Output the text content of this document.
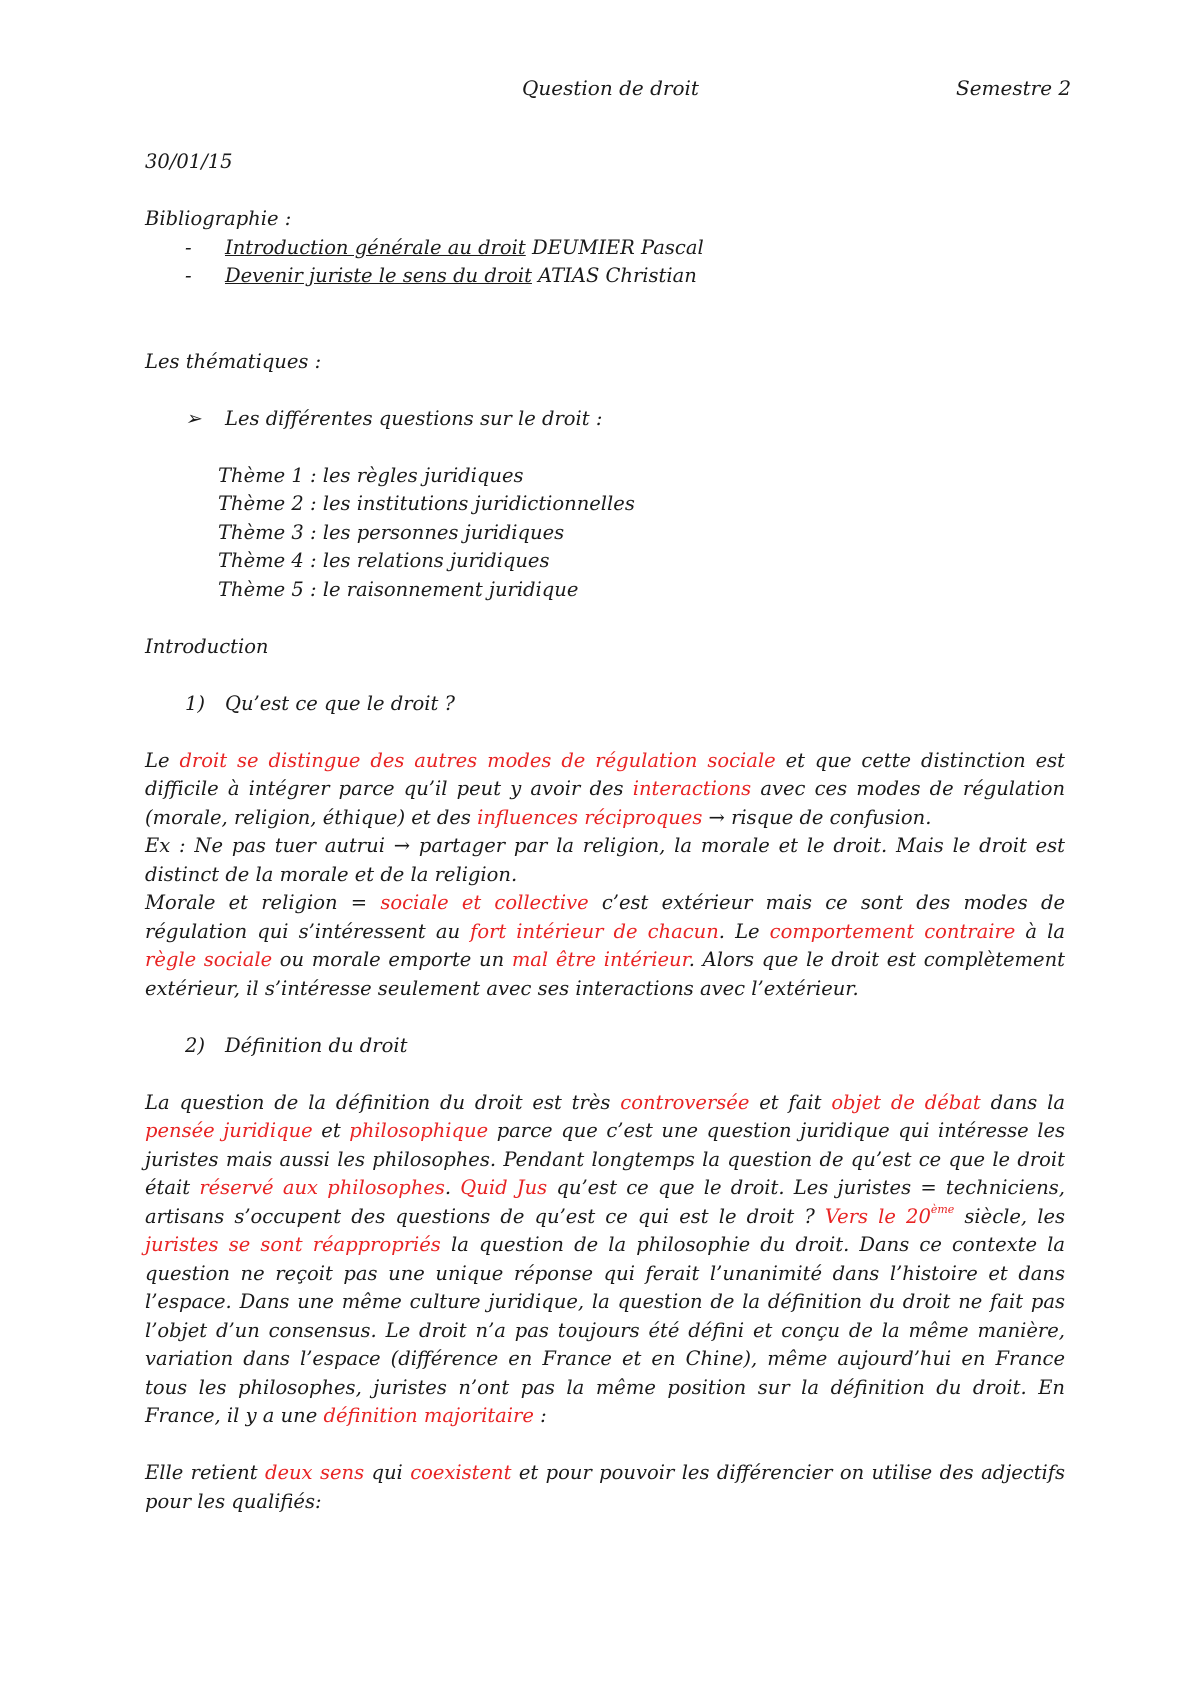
Question de droit	Semestre 2
30/01/15
Bibliographie :
- Introduction générale au droit DEUMIER Pascal
- Devenir juriste le sens du droit ATIAS Christian
Les thématiques :
➢ Les différentes questions sur le droit :
Thème 1 : les règles juridiques
Thème 2 : les institutions juridictionnelles
Thème 3 : les personnes juridiques
Thème 4 : les relations juridiques
Thème 5 : le raisonnement juridique
Introduction
1) Qu’est ce que le droit ?
Le droit se distingue des autres modes de régulation sociale et que cette distinction est
difficile à intégrer parce qu’il peut y avoir des interactions avec ces modes de régulation
(morale, religion, éthique) et des influences réciproques → risque de confusion.
Ex : Ne pas tuer autrui → partager par la religion, la morale et le droit. Mais le droit est
distinct de la morale et de la religion.
Morale et religion = sociale et collective c’est extérieur mais ce sont des modes de
régulation qui s’intéressent au fort intérieur de chacun. Le comportement contraire à la
règle sociale ou morale emporte un mal être intérieur. Alors que le droit est complètement
extérieur, il s’intéresse seulement avec ses interactions avec l’extérieur.
2) Définition du droit
La question de la définition du droit est très controversée et fait objet de débat dans la
pensée juridique et philosophique parce que c’est une question juridique qui intéresse les
juristes mais aussi les philosophes. Pendant longtemps la question de qu’est ce que le droit
était réservé aux philosophes. Quid Jus qu’est ce que le droit. Les juristes = techniciens,
artisans s’occupent des questions de qu’est ce qui est le droit ? Vers le 20ème siècle, les
juristes se sont réappropriés la question de la philosophie du droit. Dans ce contexte la
question ne reçoit pas une unique réponse qui ferait l’unanimité dans l’histoire et dans
l’espace. Dans une même culture juridique, la question de la définition du droit ne fait pas
l’objet d’un consensus. Le droit n’a pas toujours été défini et conçu de la même manière,
variation dans l’espace (différence en France et en Chine), même aujourd’hui en France
tous les philosophes, juristes n’ont pas la même position sur la définition du droit. En
France, il y a une définition majoritaire :
Elle retient deux sens qui coexistent et pour pouvoir les différencier on utilise des adjectifs
pour les qualifiés:
